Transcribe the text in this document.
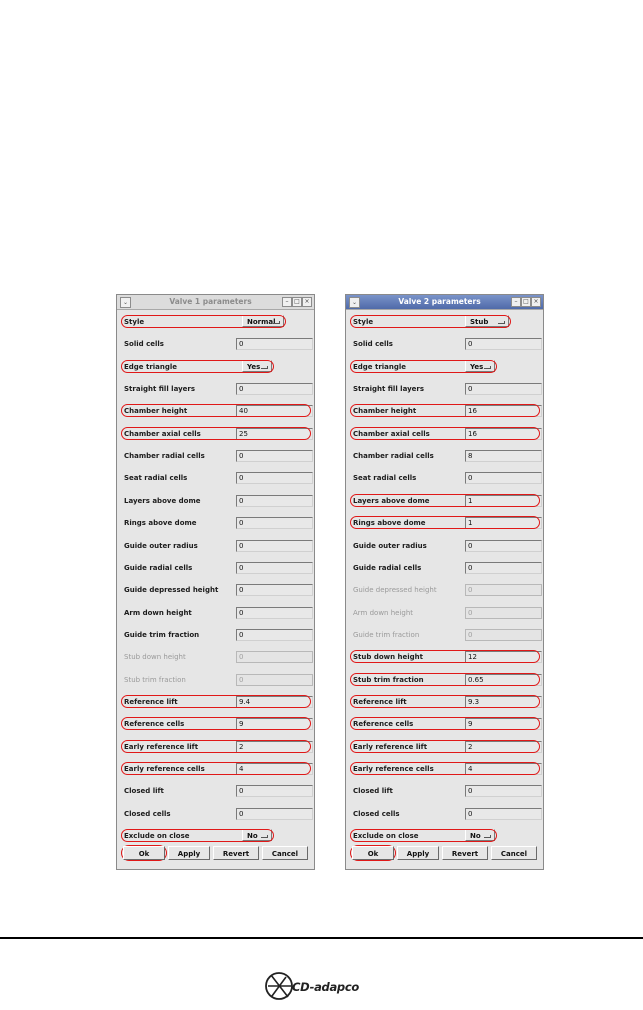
⌄	Valve 1 parameters	– □ ×
Style	Normal
Solid cells	0
Edge triangle	Yes
Straight fill layers	0
Chamber height	40
Chamber axial cells	25
Chamber radial cells	0
Seat radial cells	0
Layers above dome	0
Rings above dome	0
Guide outer radius	0
Guide radial cells	0
Guide depressed height	0
Arm down height	0
Guide trim fraction	0
Stub down height	0
Stub trim fraction	0
Reference lift	9.4
Reference cells	9
Early reference lift	2
Early reference cells	4
Closed lift	0
Closed cells	0
Exclude on close	No
Ok	Apply	Revert	Cancel
⌄	Valve 2 parameters	– □ ×
Style	Stub
Solid cells	0
Edge triangle	Yes
Straight fill layers	0
Chamber height	16
Chamber axial cells	16
Chamber radial cells	8
Seat radial cells	0
Layers above dome	1
Rings above dome	1
Guide outer radius	0
Guide radial cells	0
Guide depressed height	0
Arm down height	0
Guide trim fraction	0
Stub down height	12
Stub trim fraction	0.65
Reference lift	9.3
Reference cells	9
Early reference lift	2
Early reference cells	4
Closed lift	0
Closed cells	0
Exclude on close	No
Ok	Apply	Revert	Cancel
CD-adapco
